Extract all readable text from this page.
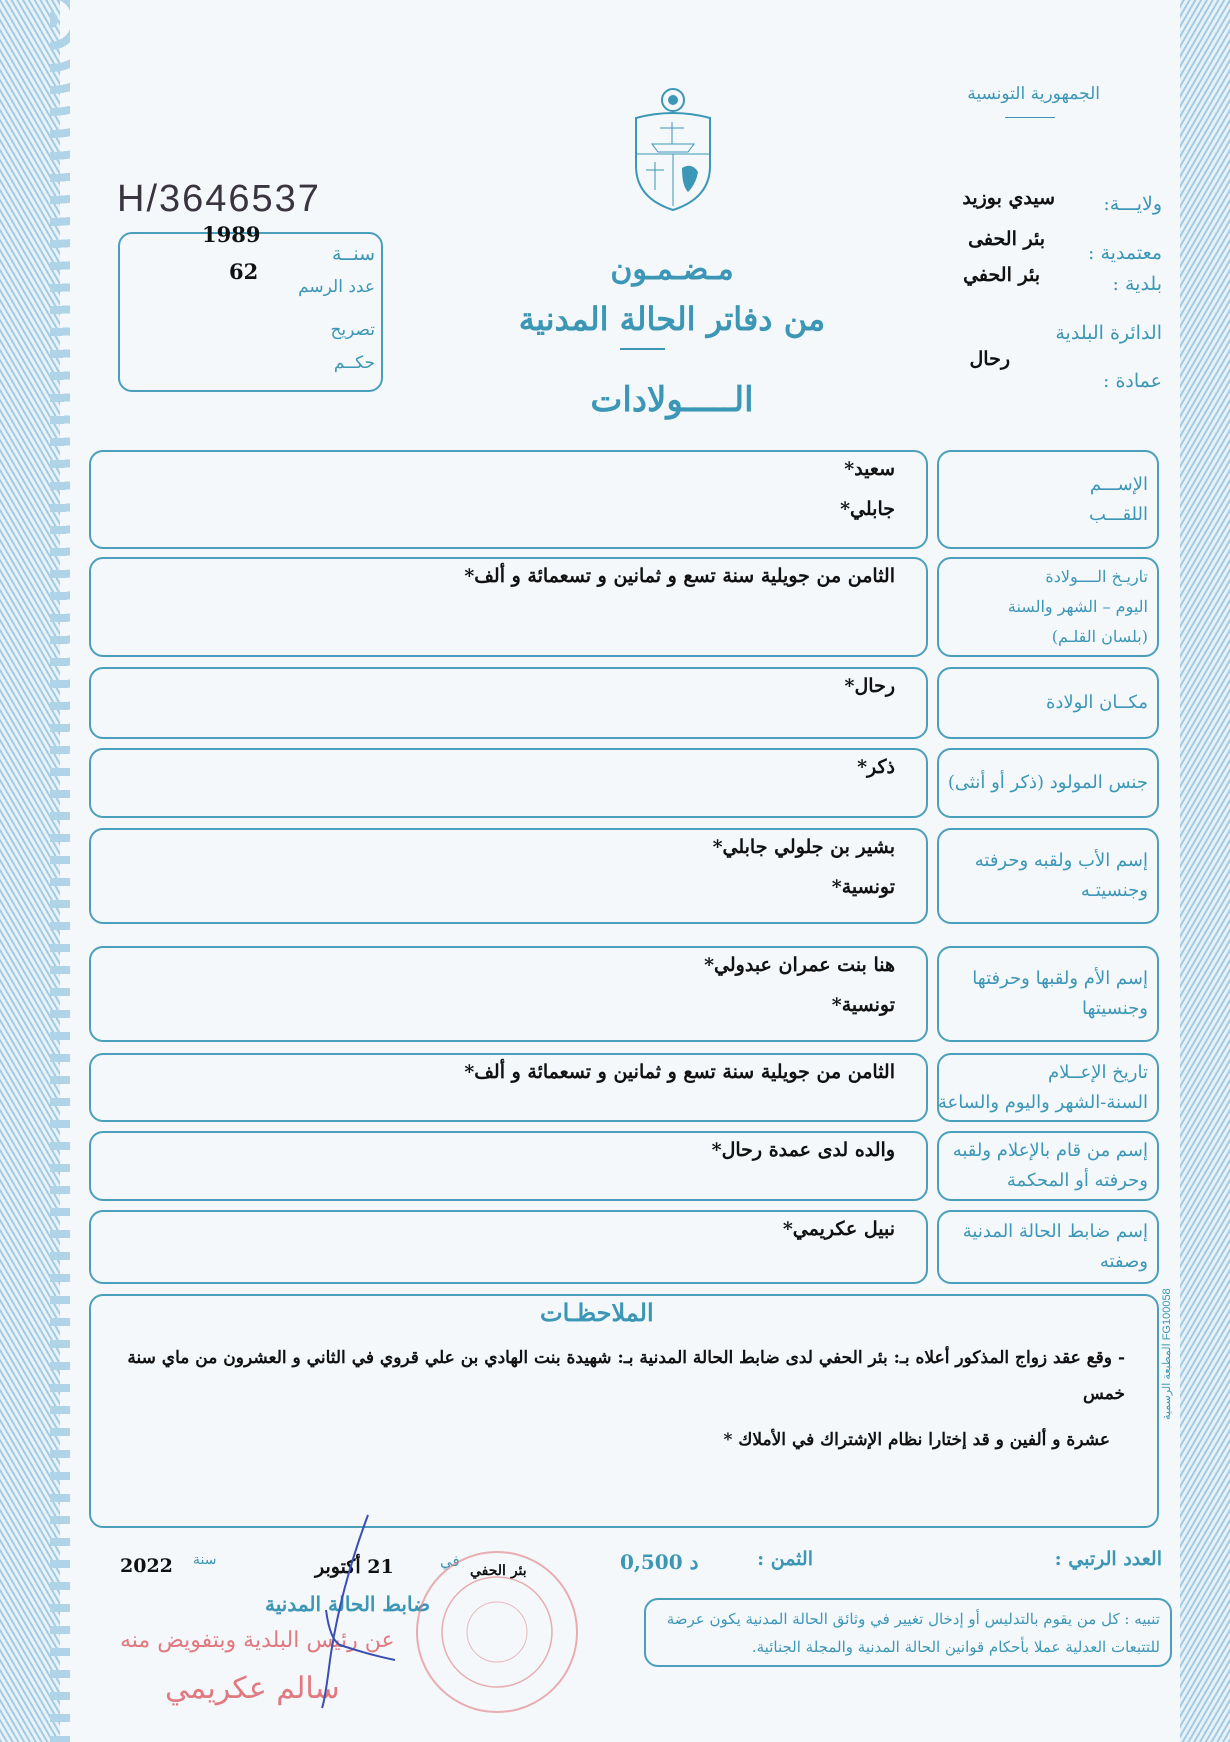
الجمهورية التونسية
ولايـــة:
سيدي بوزيد
معتمدية :
بئر الحفى
بلدية :
بئر الحفي
الدائرة البلدية
رحال
عمادة :
H/3646537
1989
سنــة
62
عدد الرسم
تصريح
حكــم
مـضـمـون
من دفاتر الحالة المدنية
الـــــولادات
الإســـم
اللقـــب
سعيد*
جابلي*
تاريـخ الــــولادة
اليوم – الشهر والسنة
(بلسان القلـم)
الثامن من جويلية سنة تسع و ثمانين و تسعمائة و ألف*
مكــان الولادة
رحال*
جنس المولود (ذكر أو أنثى)
ذكر*
إسم الأب ولقبه وحرفته
وجنسيتـه
بشير بن جلولي جابلي*
تونسية*
إسم الأم ولقبها وحرفتها
وجنسيتها
هنا بنت عمران عبدولي*
تونسية*
تاريخ الإعــلام
السنة-الشهر واليوم والساعة
الثامن من جويلية سنة تسع و ثمانين و تسعمائة و ألف*
إسم من قام بالإعلام ولقبه
وحرفته أو المحكمة
والده لدى عمدة رحال*
إسم ضابط الحالة المدنية
وصفته
نبيل عكريمي*
الملاحظـات
- وقع عقد زواج المذكور أعلاه بـ: بئر الحفي لدى ضابط الحالة المدنية بـ: شهيدة بنت الهادي بن علي قروي في الثاني و العشرون من ماي سنة خمس
عشرة و ألفين و قد إختارا نظام الإشتراك في الأملاك *
المطبعة الرسمية FG100058
العدد الرتبي :
الثمن :
0,500 د
بئر الحفي
في
21 أكتوبر
سنة
2022
ضابط الحالة المدنية
عن رئيس البلدية وبتفويض منه
سالم عكريمي
تنبيه : كل من يقوم بالتدليس أو إدخال تغيير في وثائق الحالة المدنية يكون عرضة للتتبعات العدلية عملا بأحكام قوانين الحالة المدنية والمجلة الجنائية.
